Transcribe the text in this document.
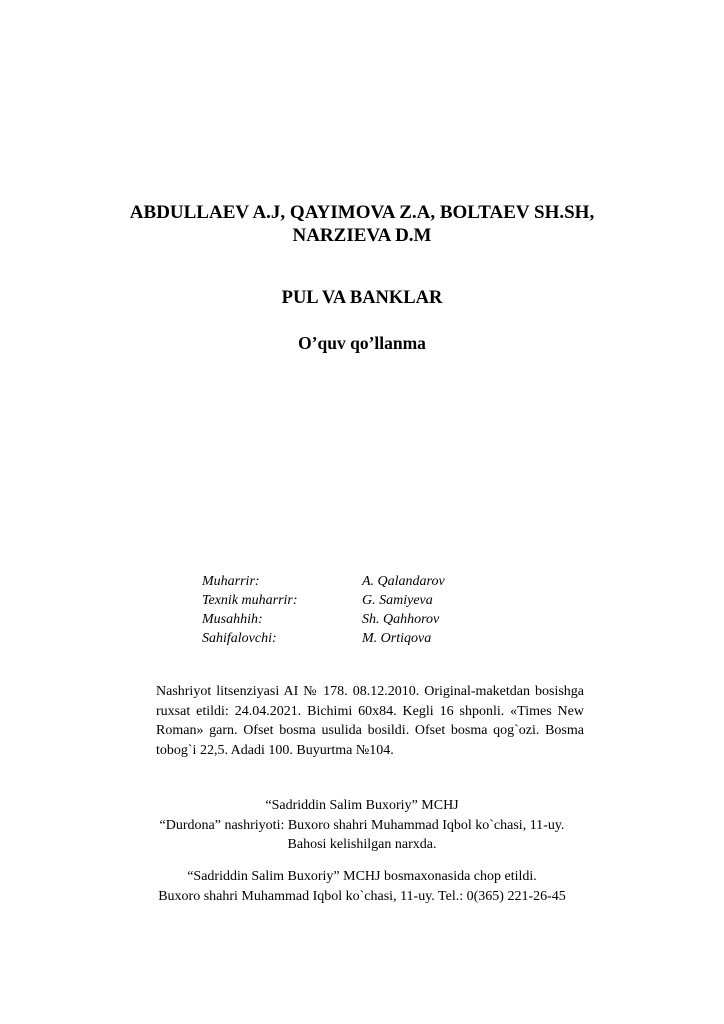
ABDULLAEV A.J, QAYIMOVA Z.A, BOLTAEV SH.SH,
NARZIEVA D.M
PUL VA BANKLAR
O’quv qo’llanma
Muharrir:	A. Qalandarov
Texnik muharrir:	G. Samiyeva
Musahhih:	Sh. Qahhorov
Sahifalovchi:	M. Ortiqova
Nashriyot litsenziyasi AI № 178. 08.12.2010. Original-maketdan bosishga ruxsat etildi: 24.04.2021. Bichimi 60x84. Kegli 16 shponli. «Times New Roman» garn. Ofset bosma usulida bosildi. Ofset bosma qog`ozi. Bosma tobog`i 22,5. Adadi 100. Buyurtma №104.
“Sadriddin Salim Buxoriy” MCHJ
“Durdona” nashriyoti: Buxoro shahri Muhammad Iqbol ko`chasi, 11-uy.
Bahosi kelishilgan narxda.
“Sadriddin Salim Buxoriy” MCHJ bosmaxonasida chop etildi.
Buxoro shahri Muhammad Iqbol ko`chasi, 11-uy. Tel.: 0(365) 221-26-45
